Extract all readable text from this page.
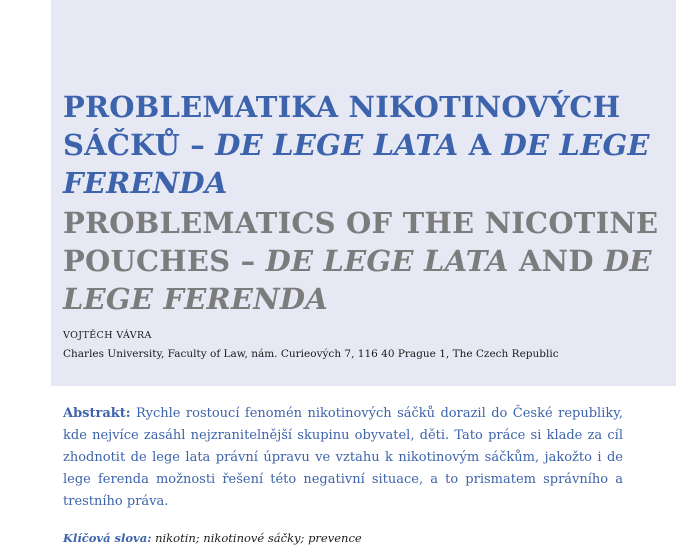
PROBLEMATIKA NIKOTINOVÝCH SÁČKŮ – DE LEGE LATA A DE LEGE FERENDA
PROBLEMATICS OF THE NICOTINE POUCHES – DE LEGE LATA AND DE LEGE FERENDA
VOJTĚCH VÁVRA
Charles University, Faculty of Law, nám. Curieových 7, 116 40 Prague 1, The Czech Republic

Abstrakt: Rychle rostoucí fenomén nikotinových sáčků dorazil do České republiky, kde nejvíce zasáhl nejzranitelnější skupinu obyvatel, děti. Tato práce si klade za cíl zhodnotit de lege lata právní úpravu ve vztahu k nikotinovým sáčkům, jakožto i de lege ferenda možnosti řešení této negativní situace, a to prismatem správního a trestního práva.

Klíčová slova: nikotin; nikotinové sáčky; prevence
